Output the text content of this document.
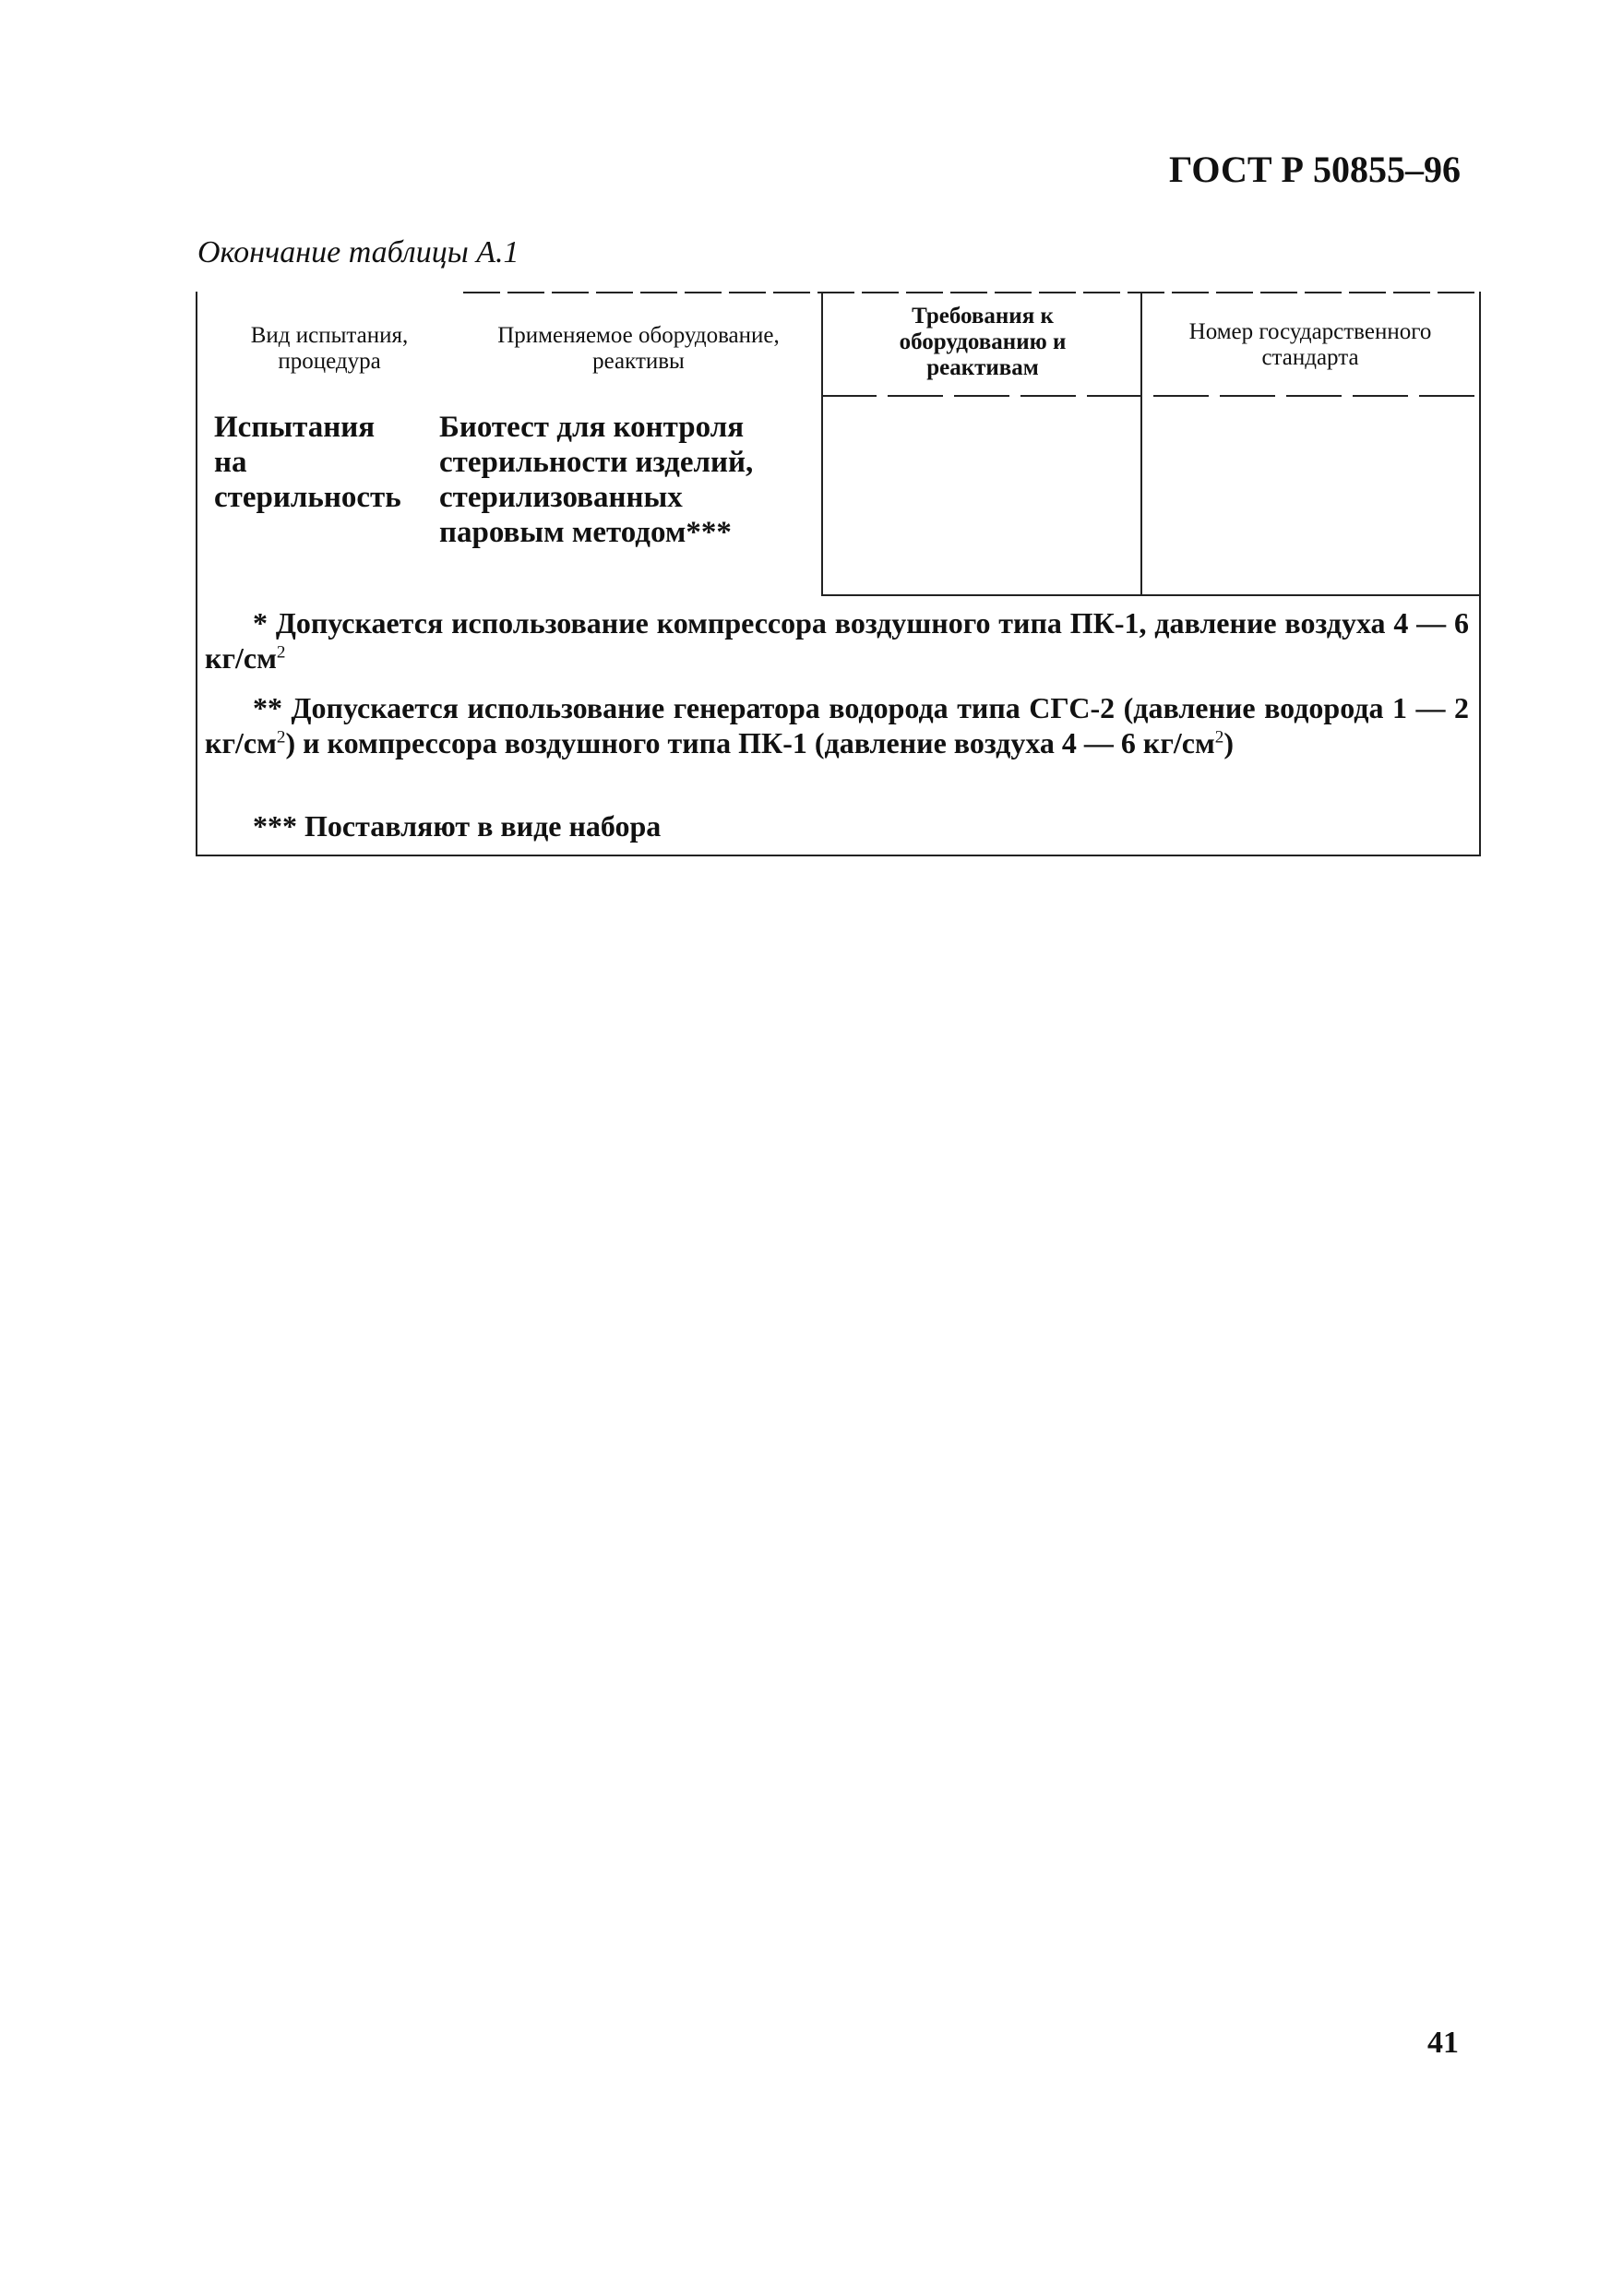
ГОСТ Р 50855–96
Окончание таблицы А.1
Вид испытания, процедура
Применяемое оборудование, реактивы
Требования к оборудованию и реактивам
Номер государственного стандарта
Испытания на стерильность
Биотест для контроля стерильности изделий, стерилизованных паровым методом***
* Допускается использование компрессора воздушного типа ПК-1, давление воздуха 4 — 6 $кг/см^2$
** Допускается использование генератора водорода типа СГС-2 (давление водорода 1 — 2 $кг/см^2$) и компрессора воздушного типа ПК-1 (давление воздуха 4 — 6 $кг/см^2$)
*** Поставляют в виде набора
41
